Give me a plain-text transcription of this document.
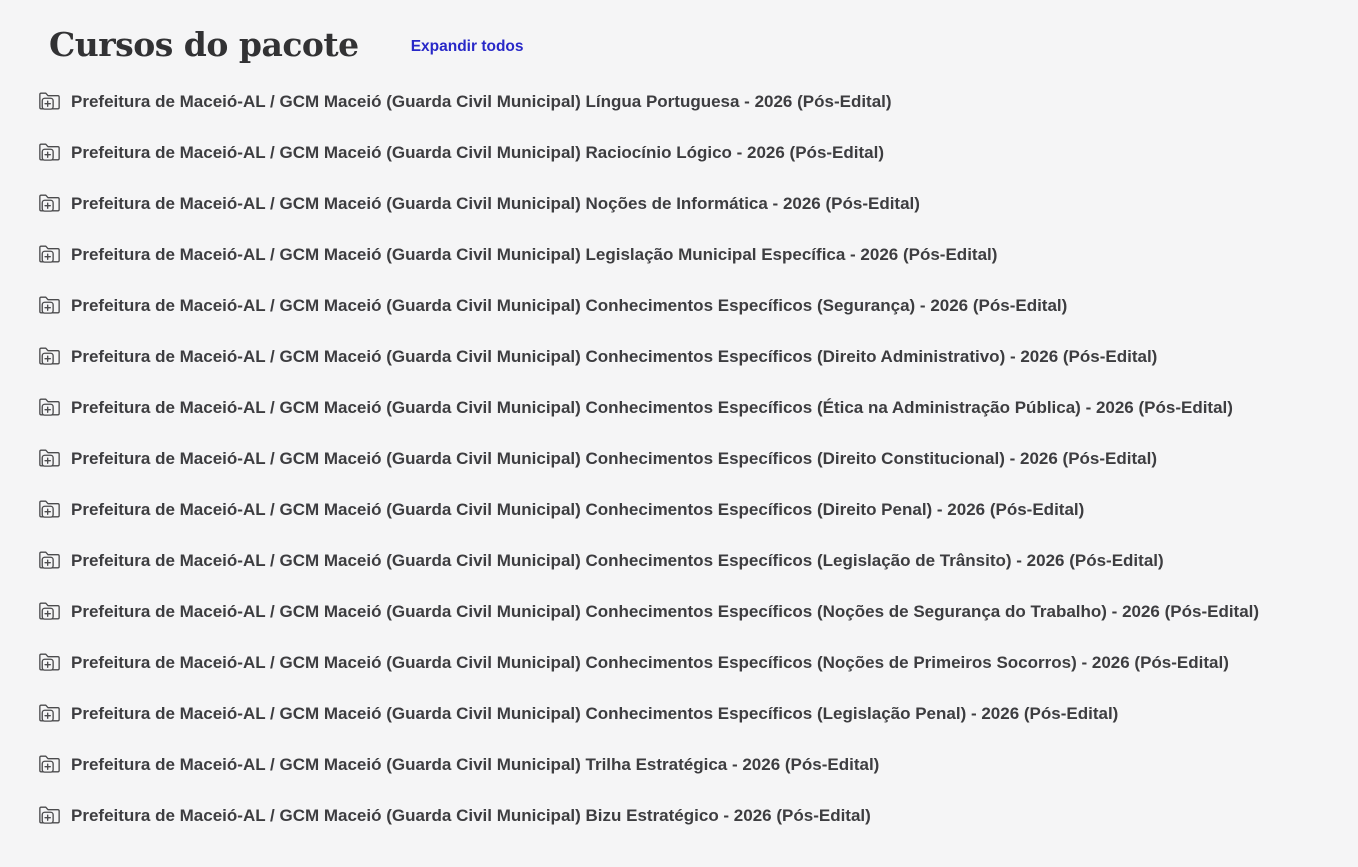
Cursos do pacote	Expandir todos
Prefeitura de Maceió-AL / GCM Maceió (Guarda Civil Municipal) Língua Portuguesa - 2026 (Pós-Edital)
Prefeitura de Maceió-AL / GCM Maceió (Guarda Civil Municipal) Raciocínio Lógico - 2026 (Pós-Edital)
Prefeitura de Maceió-AL / GCM Maceió (Guarda Civil Municipal) Noções de Informática - 2026 (Pós-Edital)
Prefeitura de Maceió-AL / GCM Maceió (Guarda Civil Municipal) Legislação Municipal Específica - 2026 (Pós-Edital)
Prefeitura de Maceió-AL / GCM Maceió (Guarda Civil Municipal) Conhecimentos Específicos (Segurança) - 2026 (Pós-Edital)
Prefeitura de Maceió-AL / GCM Maceió (Guarda Civil Municipal) Conhecimentos Específicos (Direito Administrativo) - 2026 (Pós-Edital)
Prefeitura de Maceió-AL / GCM Maceió (Guarda Civil Municipal) Conhecimentos Específicos (Ética na Administração Pública) - 2026 (Pós-Edital)
Prefeitura de Maceió-AL / GCM Maceió (Guarda Civil Municipal) Conhecimentos Específicos (Direito Constitucional) - 2026 (Pós-Edital)
Prefeitura de Maceió-AL / GCM Maceió (Guarda Civil Municipal) Conhecimentos Específicos (Direito Penal) - 2026 (Pós-Edital)
Prefeitura de Maceió-AL / GCM Maceió (Guarda Civil Municipal) Conhecimentos Específicos (Legislação de Trânsito) - 2026 (Pós-Edital)
Prefeitura de Maceió-AL / GCM Maceió (Guarda Civil Municipal) Conhecimentos Específicos (Noções de Segurança do Trabalho) - 2026 (Pós-Edital)
Prefeitura de Maceió-AL / GCM Maceió (Guarda Civil Municipal) Conhecimentos Específicos (Noções de Primeiros Socorros) - 2026 (Pós-Edital)
Prefeitura de Maceió-AL / GCM Maceió (Guarda Civil Municipal) Conhecimentos Específicos (Legislação Penal) - 2026 (Pós-Edital)
Prefeitura de Maceió-AL / GCM Maceió (Guarda Civil Municipal) Trilha Estratégica - 2026 (Pós-Edital)
Prefeitura de Maceió-AL / GCM Maceió (Guarda Civil Municipal) Bizu Estratégico - 2026 (Pós-Edital)
